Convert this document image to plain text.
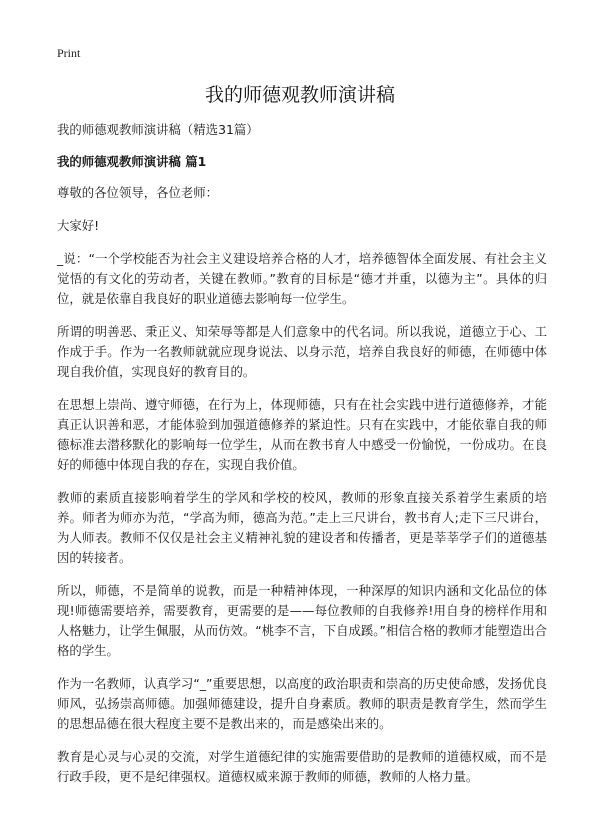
Print
我的师德观教师演讲稿

我的师德观教师演讲稿（精选31篇）

我的师德观教师演讲稿 篇1

尊敬的各位领导，各位老师：

大家好!

_说：“一个学校能否为社会主义建设培养合格的人才，培养德智体全面发展、有社会主义觉悟的有文化的劳动者，关键在教师。”教育的目标是“德才并重，以德为主”。具体的归位，就是依靠自我良好的职业道德去影响每一位学生。

所谓的明善恶、秉正义、知荣辱等都是人们意象中的代名词。所以我说，道德立于心、工作成于手。作为一名教师就就应现身说法、以身示范，培养自我良好的师德，在师德中体现自我价值，实现良好的教育目的。

在思想上崇尚、遵守师德，在行为上，体现师德，只有在社会实践中进行道德修养，才能真正认识善和恶，才能体验到加强道德修养的紧迫性。只有在实践中，才能依靠自我的师德标准去潜移默化的影响每一位学生，从而在教书育人中感受一份愉悦，一份成功。在良好的师德中体现自我的存在，实现自我价值。

教师的素质直接影响着学生的学风和学校的校风，教师的形象直接关系着学生素质的培养。师者为师亦为范，“学高为师，德高为范。”走上三尺讲台，教书育人;走下三尺讲台，为人师表。教师不仅仅是社会主义精神礼貌的建设者和传播者，更是莘莘学子们的道德基因的转接者。

所以，师德，不是简单的说教，而是一种精神体现，一种深厚的知识内涵和文化品位的体现!师德需要培养，需要教育，更需要的是——每位教师的自我修养!用自身的榜样作用和人格魅力，让学生佩服，从而仿效。“桃李不言，下自成蹊。”相信合格的教师才能塑造出合格的学生。

作为一名教师，认真学习“_”重要思想，以高度的政治职责和崇高的历史使命感，发扬优良师风，弘扬崇高师德。加强师德建设，提升自身素质。教师的职责是教育学生，然而学生的思想品德在很大程度主要不是教出来的，而是感染出来的。

教育是心灵与心灵的交流，对学生道德纪律的实施需要借助的是教师的道德权威，而不是行政手段，更不是纪律强权。道德权威来源于教师的师德，教师的人格力量。
